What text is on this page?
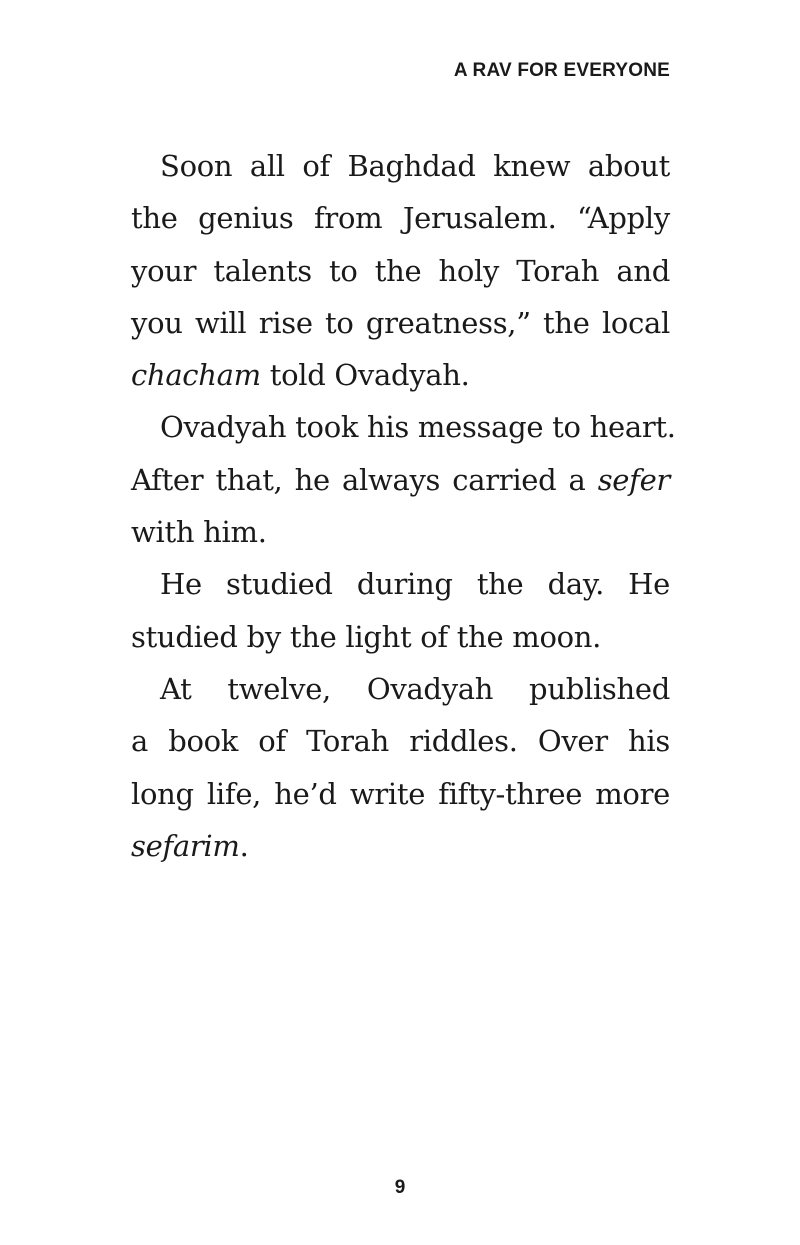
A RAV FOR EVERYONE
Soon all of Baghdad knew about
the genius from Jerusalem. “Apply
your talents to the holy Torah and
you will rise to greatness,” the local
chacham told Ovadyah.
Ovadyah took his message to heart.
After that, he always carried a sefer
with him.
He studied during the day. He
studied by the light of the moon.
At twelve, Ovadyah published
a book of Torah riddles. Over his
long life, he’d write fifty-three more
sefarim.
9
